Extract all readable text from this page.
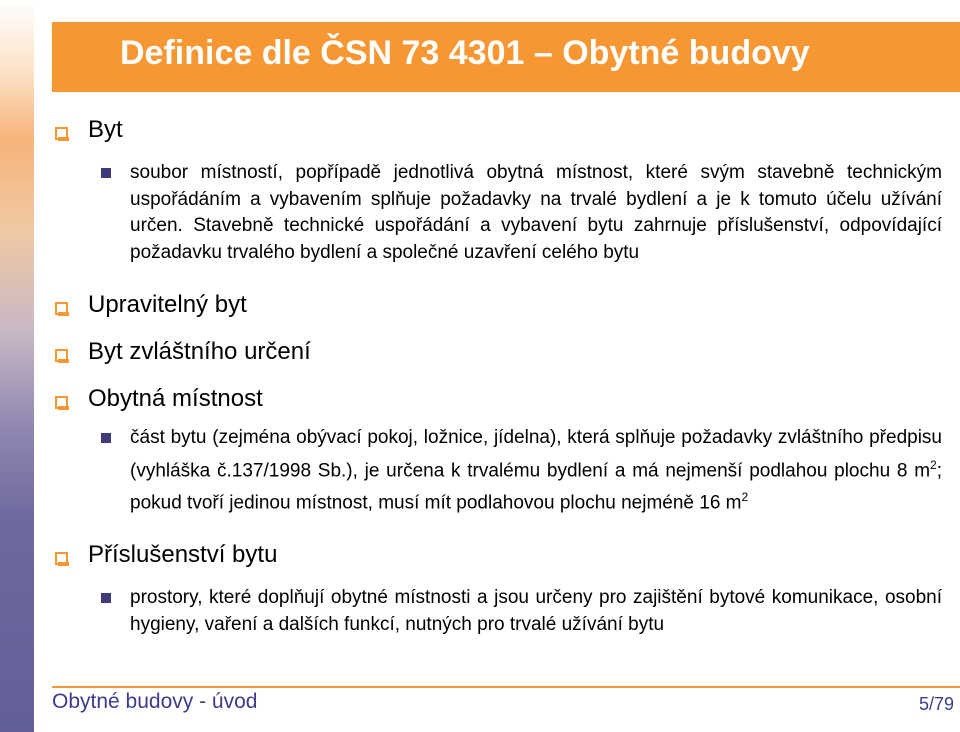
Definice dle ČSN 73 4301 – Obytné budovy
Byt
soubor místností, popřípadě jednotlivá obytná místnost, které svým stavebně technickým uspořádáním a vybavením splňuje požadavky na trvalé bydlení a je k tomuto účelu užívání určen. Stavebně technické uspořádání a vybavení bytu zahrnuje příslušenství, odpovídající požadavku trvalého bydlení a společné uzavření celého bytu
Upravitelný byt
Byt zvláštního určení
Obytná místnost
část bytu (zejména obývací pokoj, ložnice, jídelna), která splňuje požadavky zvláštního předpisu (vyhláška č.137/1998 Sb.), je určena k trvalému bydlení a má nejmenší podlahou plochu 8 $m^2$; pokud tvoří jedinou místnost, musí mít podlahovou plochu nejméně 16 $m^2$
Příslušenství bytu
prostory, které doplňují obytné místnosti a jsou určeny pro zajištění bytové komunikace, osobní hygieny, vaření a dalších funkcí, nutných pro trvalé užívání bytu
Obytné budovy - úvod	5/79
